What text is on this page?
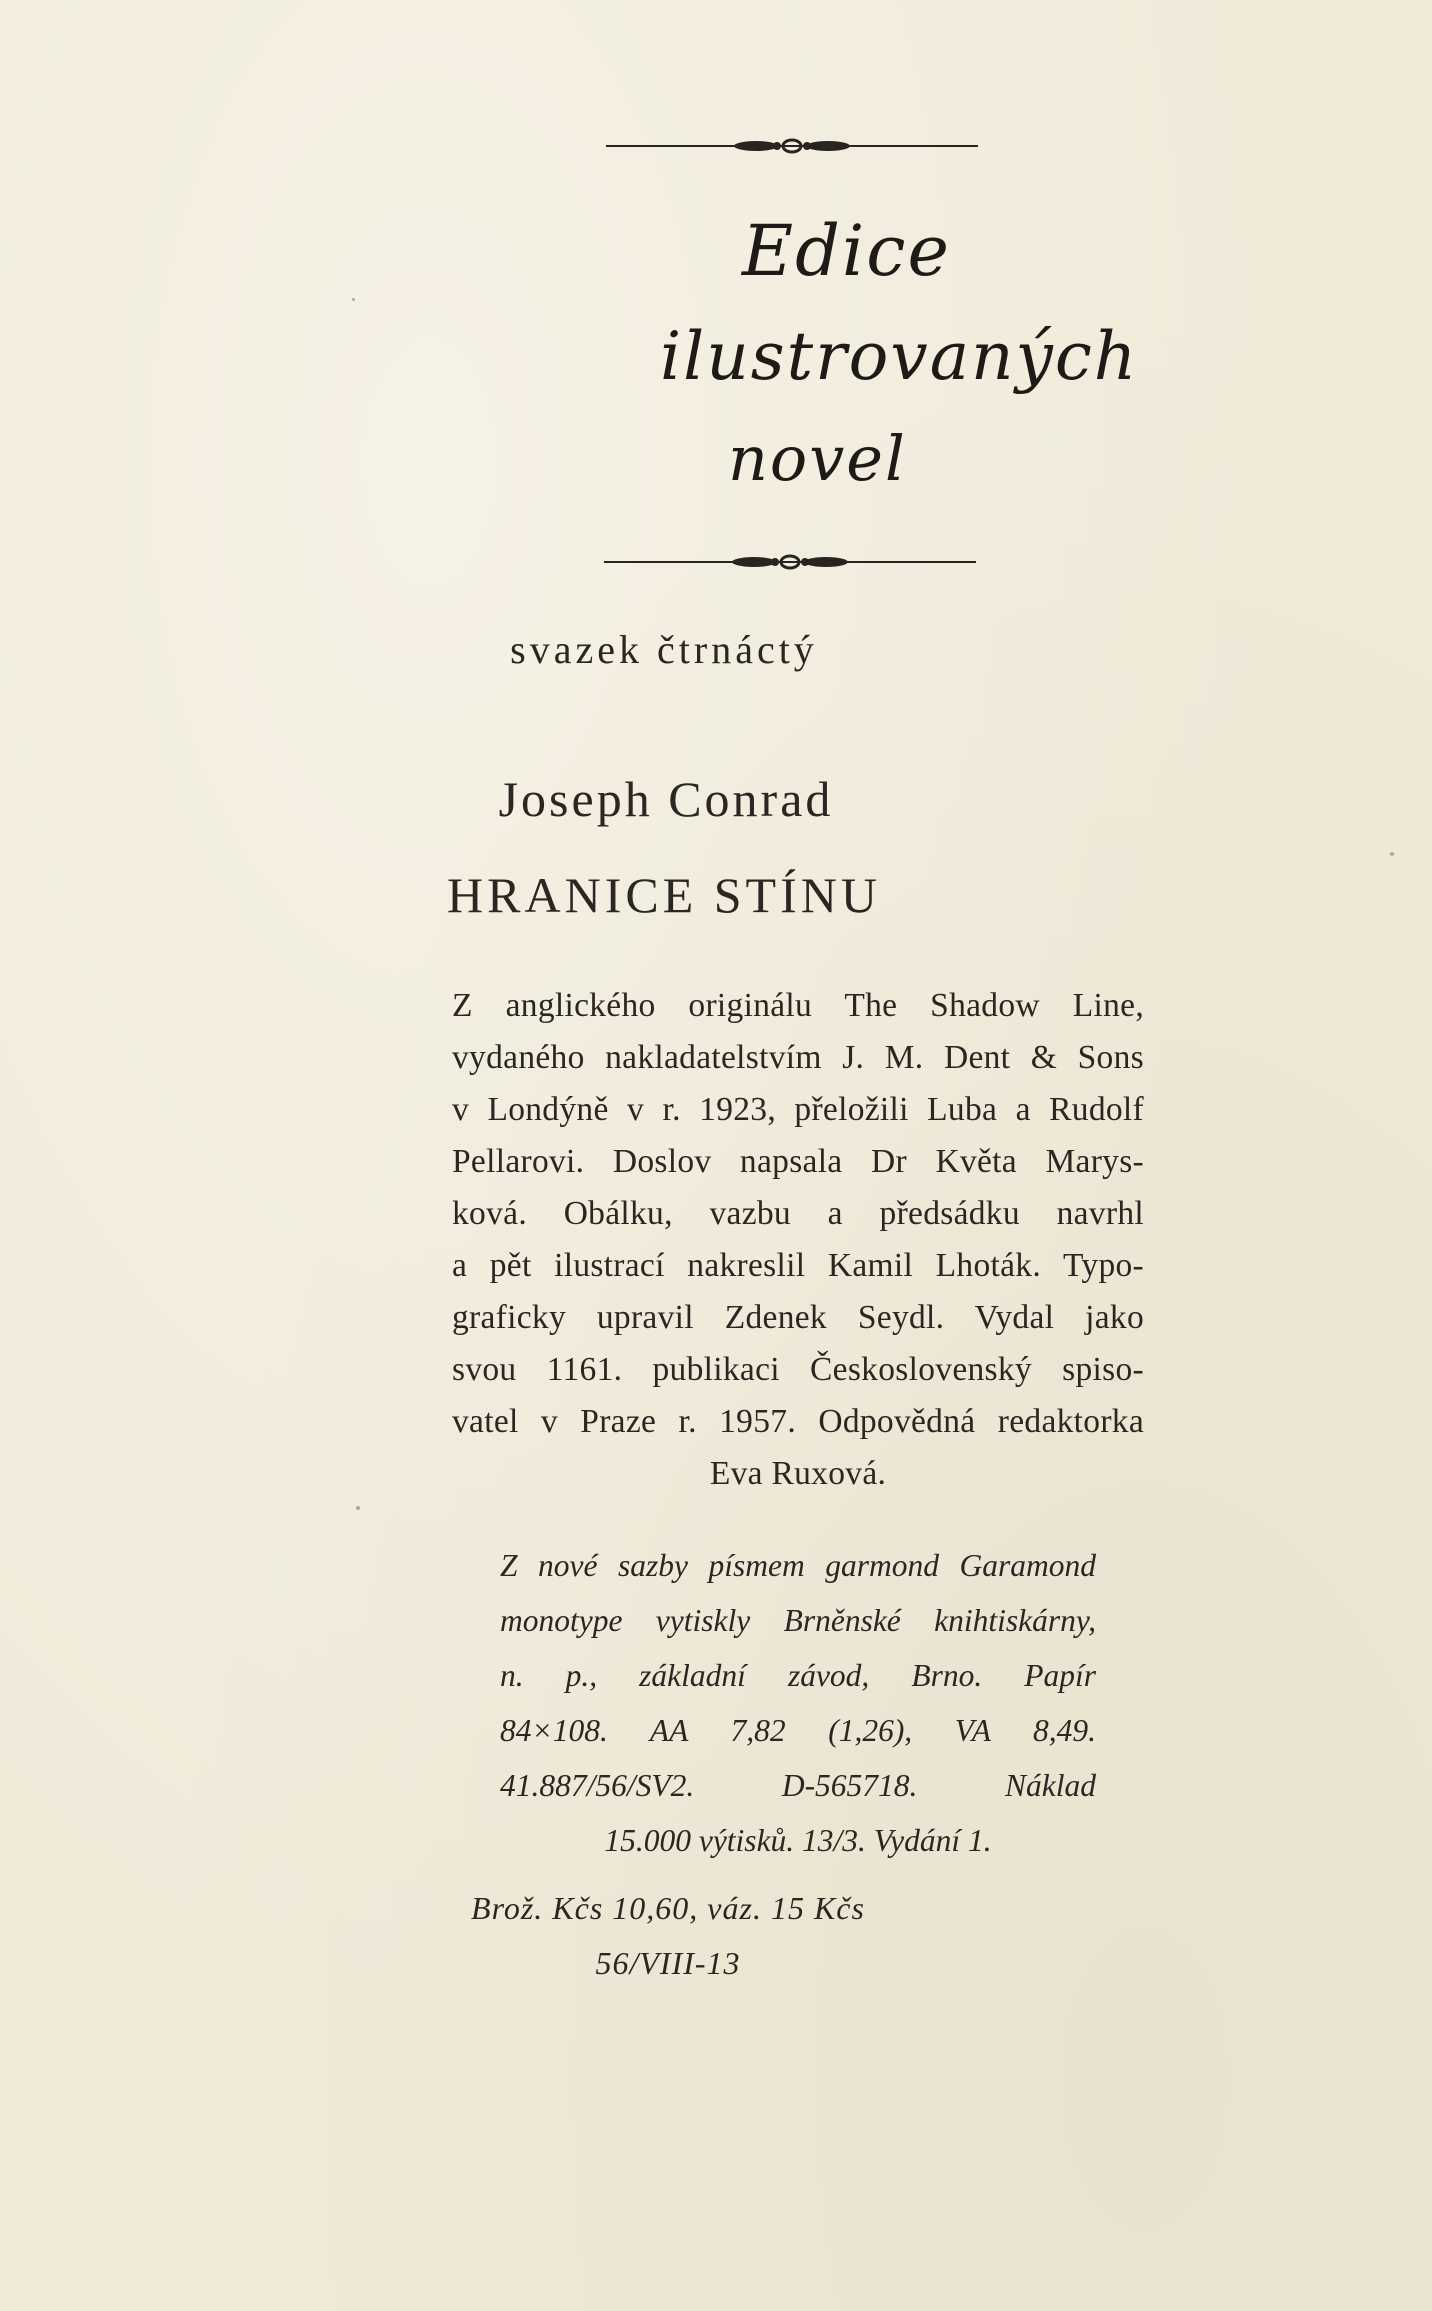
Edice
ilustrovaných
novel
svazek čtrnáctý
Joseph Conrad
HRANICE STÍNU
Z anglického originálu The Shadow Line,
vydaného nakladatelstvím J. M. Dent & Sons
v Londýně v r. 1923, přeložili Luba a Rudolf
Pellarovi. Doslov napsala Dr Květa Marys-
ková. Obálku, vazbu a předsádku navrhl
a pět ilustrací nakreslil Kamil Lhoták. Typo-
graficky upravil Zdenek Seydl. Vydal jako
svou 1161. publikaci Československý spiso-
vatel v Praze r. 1957. Odpovědná redaktorka
Eva Ruxová.
Z nové sazby písmem garmond Garamond
monotype vytiskly Brněnské knihtiskárny,
n. p., základní závod, Brno. Papír
84×108. AA 7,82 (1,26), VA 8,49.
41.887/56/SV2. D-565718. Náklad
15.000 výtisků. 13/3. Vydání 1.
Brož. Kčs 10,60, váz. 15 Kčs
56/VIII-13
